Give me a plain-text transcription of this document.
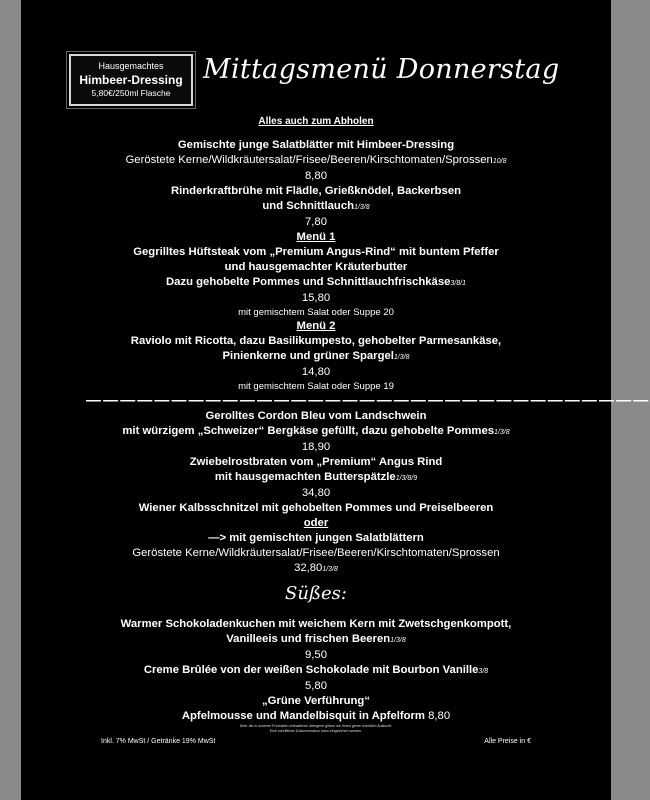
Hausgemachtes
Himbeer-Dressing
5,80€/250ml Flasche
Mittagsmenü Donnerstag
Alles auch zum Abholen
Gemischte junge Salatblätter mit Himbeer-Dressing
Geröstete Kerne/Wildkräutersalat/Frisee/Beeren/Kirschtomaten/Sprossen10/8
8,80
Rinderkraftbrühe mit Flädle, Grießknödel, Backerbsen
und Schnittlauch1/3/8
7,80
Menü 1
Gegrilltes Hüftsteak vom „Premium Angus-Rind“ mit buntem Pfeffer
und hausgemachter Kräuterbutter
Dazu gehobelte Pommes und Schnittlauchfrischkäse3/8/1
15,80
mit gemischtem Salat oder Suppe 20
Menü 2
Raviolo mit Ricotta, dazu Basilikumpesto, gehobelter Parmesankäse,
Pinienkerne und grüner Spargel1/3/8
14,80
mit gemischtem Salat oder Suppe 19
—————————————————————————————————
Gerolltes Cordon Bleu vom Landschwein
mit würzigem „Schweizer“ Bergkäse gefüllt, dazu gehobelte Pommes1/3/8
18,90
Zwiebelrostbraten vom „Premium“ Angus Rind
mit hausgemachten Butterspätzle1/3/8/9
34,80
Wiener Kalbsschnitzel mit gehobelten Pommes und Preiselbeeren
oder
—> mit gemischten jungen Salatblättern
Geröstete Kerne/Wildkräutersalat/Frisee/Beeren/Kirschtomaten/Sprossen
32,801/3/8
Süßes:
Warmer Schokoladenkuchen mit weichem Kern mit Zwetschgenkompott,
Vanilleeis und frischen Beeren1/3/8
9,50
Creme Brûlée von der weißen Schokolade mit Bourbon Vanille3/8
5,80
„Grüne Verführung“
Apfelmousse und Mandelbisquit in Apfelform 8,80
Über die in unseren Produkten enthaltenen Allergene geben wir Ihnen gerne mündlich Auskunft.
Eine schriftliche Dokumentation kann eingesehen werden.
Inkl. 7% MwSt / Getränke 19% MwSt	Alle Preise in €
